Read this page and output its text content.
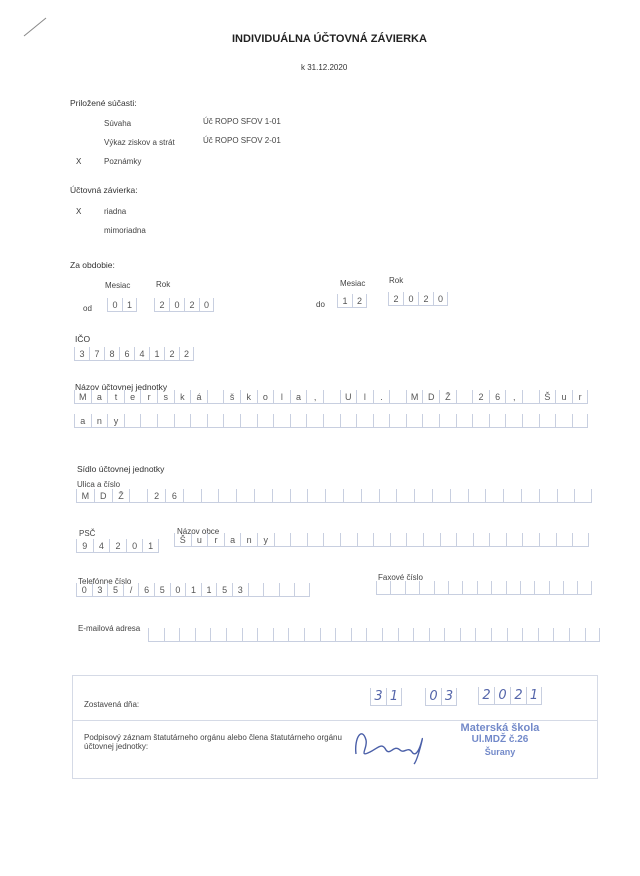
INDIVIDUÁLNA ÚČTOVNÁ ZÁVIERKA
k 31.12.2020
Priložené súčasti:
Súvaha	Úč ROPO SFOV 1-01
Výkaz ziskov a strát	Úč ROPO SFOV 2-01
X	Poznámky
Účtovná závierka:
X	riadna
mimoriadna
Za obdobie:
Mesiac	Rok	Mesiac	Rok
od	0	1	2	0	2	0	do	1	2	2	0	2	0
IČO
3	7	8	6	4	1	2	2
Názov účtovnej jednotky
M	a	t	e	r	s	k	á	š	k	o	l	a	,	U	l	.	M	D	Ž	2	6	,	Š	u	r
a	n	y
Sídlo účtovnej jednotky
Ulica a číslo
M	D	Ž	2	6
PSČ
9	4	2	0	1
Názov obce
Š	u	r	a	n	y
Telefónne číslo
0	3	5	/	6	5	0	1	1	5	3
Faxové číslo
E-mailová adresa
Zostavená dňa:
3 1	0 3	2 0 2 1
Podpisový záznam štatutárneho orgánu alebo člena štatutárneho orgánu
účtovnej jednotky:
Materská škola
Ul.MDŽ č.26
Šurany
